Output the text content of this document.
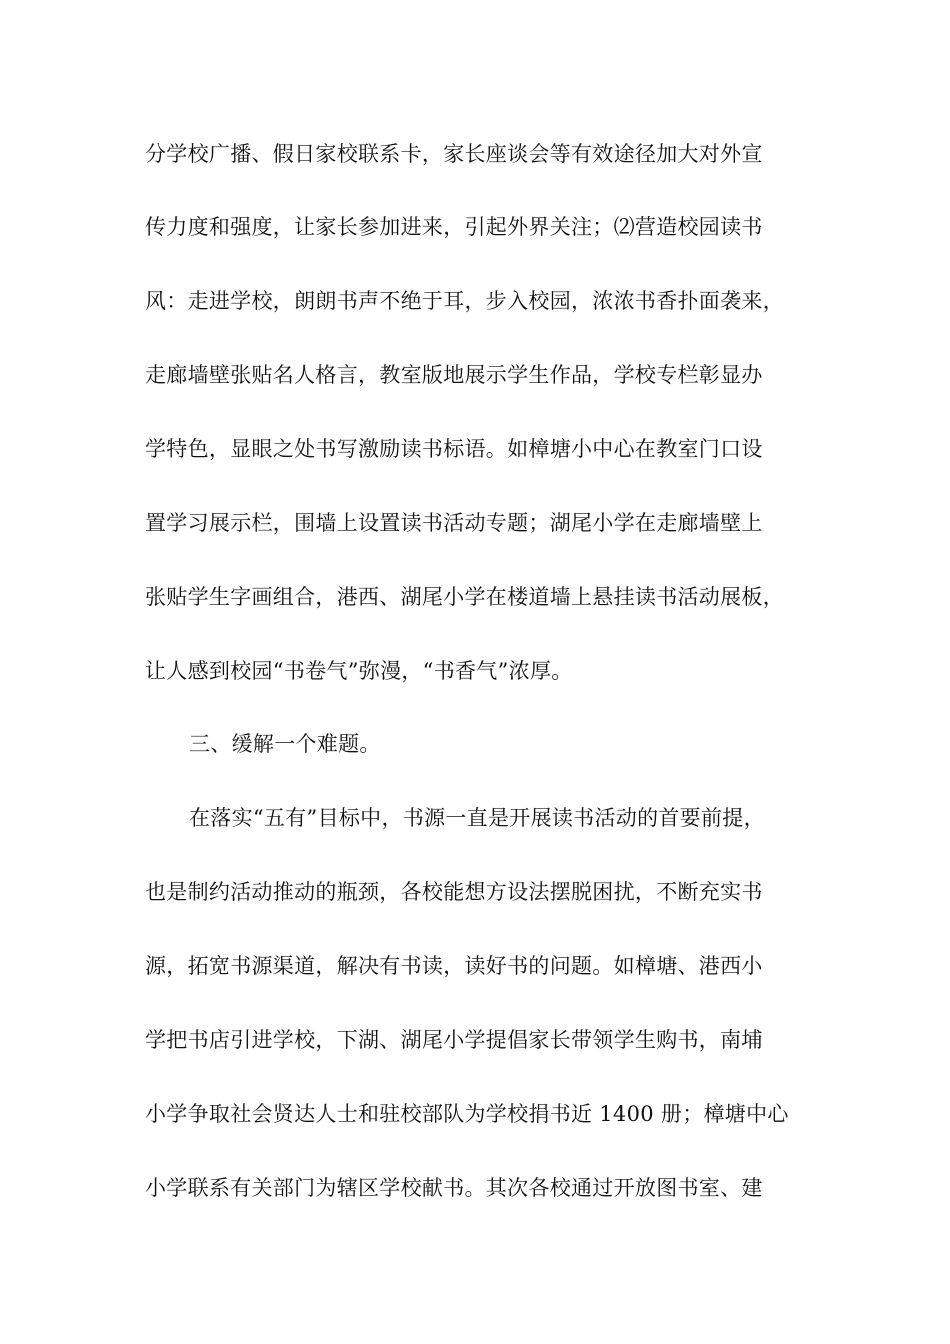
分学校广播、假日家校联系卡，家长座谈会等有效途径加大对外宣
传力度和强度，让家长参加进来，引起外界关注；⑵营造校园读书
风：走进学校，朗朗书声不绝于耳，步入校园，浓浓书香扑面袭来，
走廊墙壁张贴名人格言，教室版地展示学生作品，学校专栏彰显办
学特色，显眼之处书写激励读书标语。如樟塘小中心在教室门口设
置学习展示栏，围墙上设置读书活动专题；湖尾小学在走廊墙壁上
张贴学生字画组合，港西、湖尾小学在楼道墙上悬挂读书活动展板，
让人感到校园“书卷气”弥漫，“书香气”浓厚。
三、缓解一个难题。
在落实“五有”目标中，书源一直是开展读书活动的首要前提，
也是制约活动推动的瓶颈，各校能想方设法摆脱困扰，不断充实书
源，拓宽书源渠道，解决有书读，读好书的问题。如樟塘、港西小
学把书店引进学校，下湖、湖尾小学提倡家长带领学生购书，南埔
小学争取社会贤达人士和驻校部队为学校捐书近 1400 册；樟塘中心
小学联系有关部门为辖区学校献书。其次各校通过开放图书室、建
